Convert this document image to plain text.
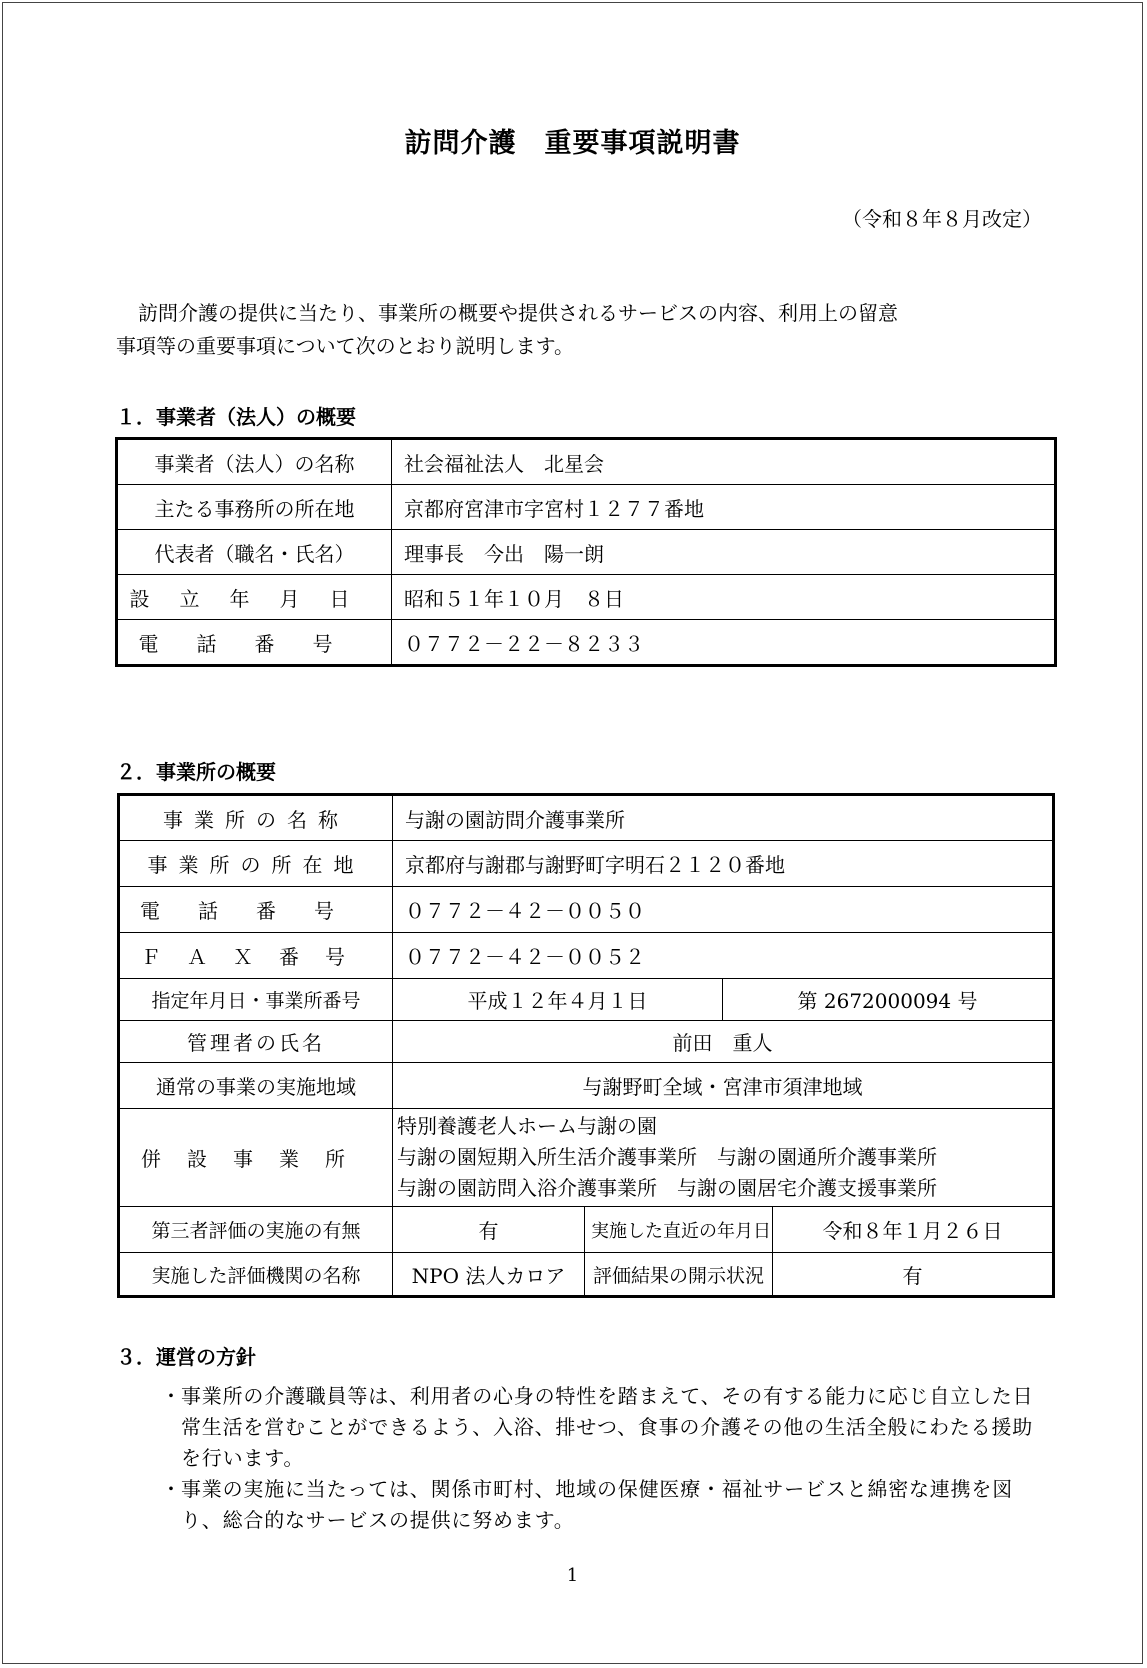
訪問介護　重要事項説明書
（令和８年８月改定）

訪問介護の提供に当たり、事業所の概要や提供されるサービスの内容、利用上の留意

事項等の重要事項について次のとおり説明します。

１．事業者（法人）の概要
事業者（法人）の名称	社会福祉法人　北星会
主たる事務所の所在地	京都府宮津市字宮村１２７７番地
代表者（職名・氏名）	理事長　今出　陽一朗
設立年月日	昭和５１年１０月　８日
電話番号	０７７２－２２－８２３３
２．事業所の概要
事業所の名称	与謝の園訪問介護事業所			
事業所の所在地	京都府与謝郡与謝野町字明石２１２０番地			
電話番号	０７７２－４２－００５０			
ＦＡＸ番号	０７７２－４２－００５２			
指定年月日・事業所番号	平成１２年４月１日		第 2672000094 号	
管理者の氏名	前田　重人			
通常の事業の実施地域	与謝野町全域・宮津市須津地域			
併設事業所	特別養護老人ホーム与謝の園
与謝の園短期入所生活介護事業所　与謝の園通所介護事業所
与謝の園訪問入浴介護事業所　与謝の園居宅介護支援事業所			

第三者評価の実施の有無	有	実施した直近の年月日		令和８年１月２６日
実施した評価機関の名称	NPO 法人カロア	評価結果の開示状況		有
３．運営の方針
・ 事業所の介護職員等は、利用者の心身の特性を踏まえて、その有する能力に応じ自立した日常生活を営むことができるよう、入浴、排せつ、食事の介護その他の生活全般にわたる援助を行います。
・ 事業の実施に当たっては、関係市町村、地域の保健医療・福祉サービスと綿密な連携を図り、総合的なサービスの提供に努めます。
1
